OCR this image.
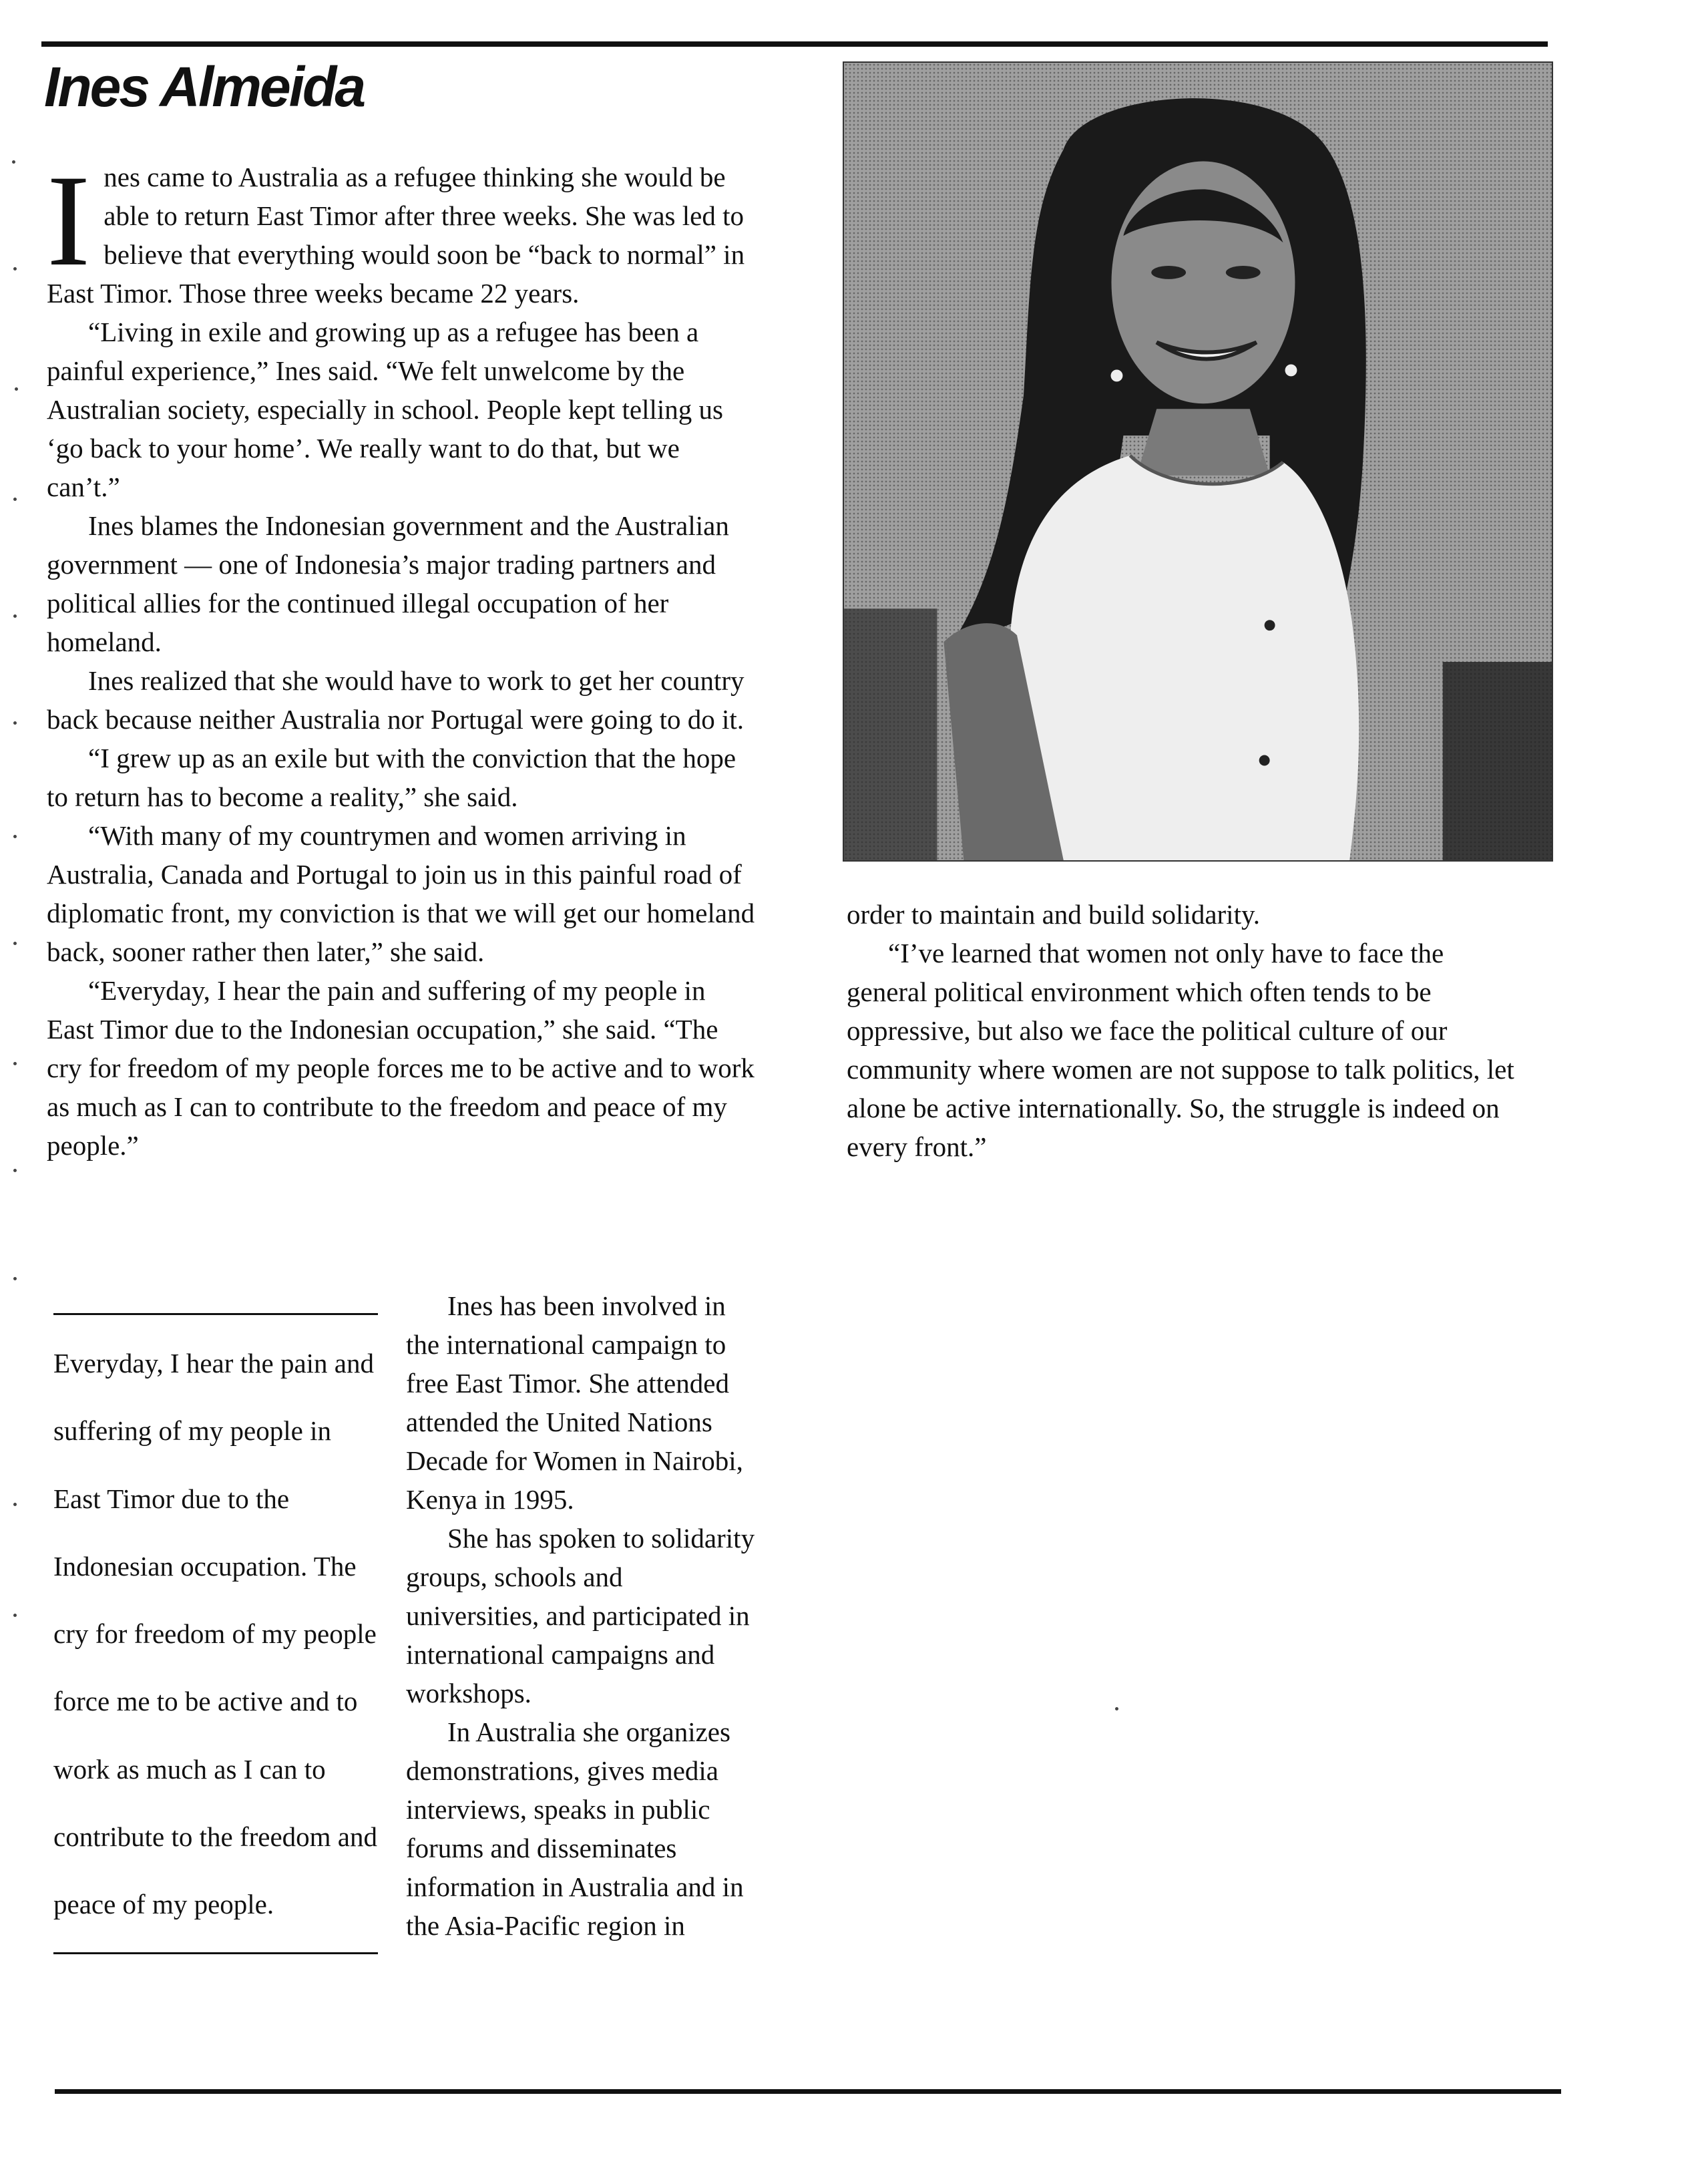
Ines Almeida

Ines came to Australia as a refugee thinking she would be able to return East Timor after three weeks. She was led to believe that everything would soon be “back to normal” in East Timor. Those three weeks became 22 years.

“Living in exile and growing up as a refugee has been a painful experience,” Ines said. “We felt unwelcome by the Australian society, especially in school. People kept telling us ‘go back to your home’. We really want to do that, but we can’t.”

Ines blames the Indonesian government and the Australian government — one of Indonesia’s major trading partners and political allies for the continued illegal occupation of her homeland.

Ines realized that she would have to work to get her country back because neither Australia nor Portugal were going to do it.

“I grew up as an exile but with the conviction that the hope to return has to become a reality,” she said.

“With many of my countrymen and women arriving in Australia, Canada and Portugal to join us in this painful road of diplomatic front, my conviction is that we will get our homeland back, sooner rather then later,” she said.

“Everyday, I hear the pain and suffering of my people in East Timor due to the Indonesian occupation,” she said. “The cry for freedom of my people forces me to be active and to work as much as I can to contribute to the freedom and peace of my people.”

Everyday, I hear the pain and suffering of my people in East Timor due to the Indonesian occupation. The cry for freedom of my people force me to be active and to work as much as I can to contribute to the freedom and peace of my people.

Ines has been involved in the international campaign to free East Timor. She attended attended the United Nations Decade for Women in Nairobi, Kenya in 1995.

She has spoken to solidarity groups, schools and universities, and participated in international campaigns and workshops.

In Australia she organizes demonstrations, gives media interviews, speaks in public forums and disseminates information in Australia and in the Asia-Pacific region in

order to maintain and build solidarity.

“I’ve learned that women not only have to face the general political environment which often tends to be oppressive, but also we face the political culture of our community where women are not suppose to talk politics, let alone be active internationally. So, the struggle is indeed on every front.”
